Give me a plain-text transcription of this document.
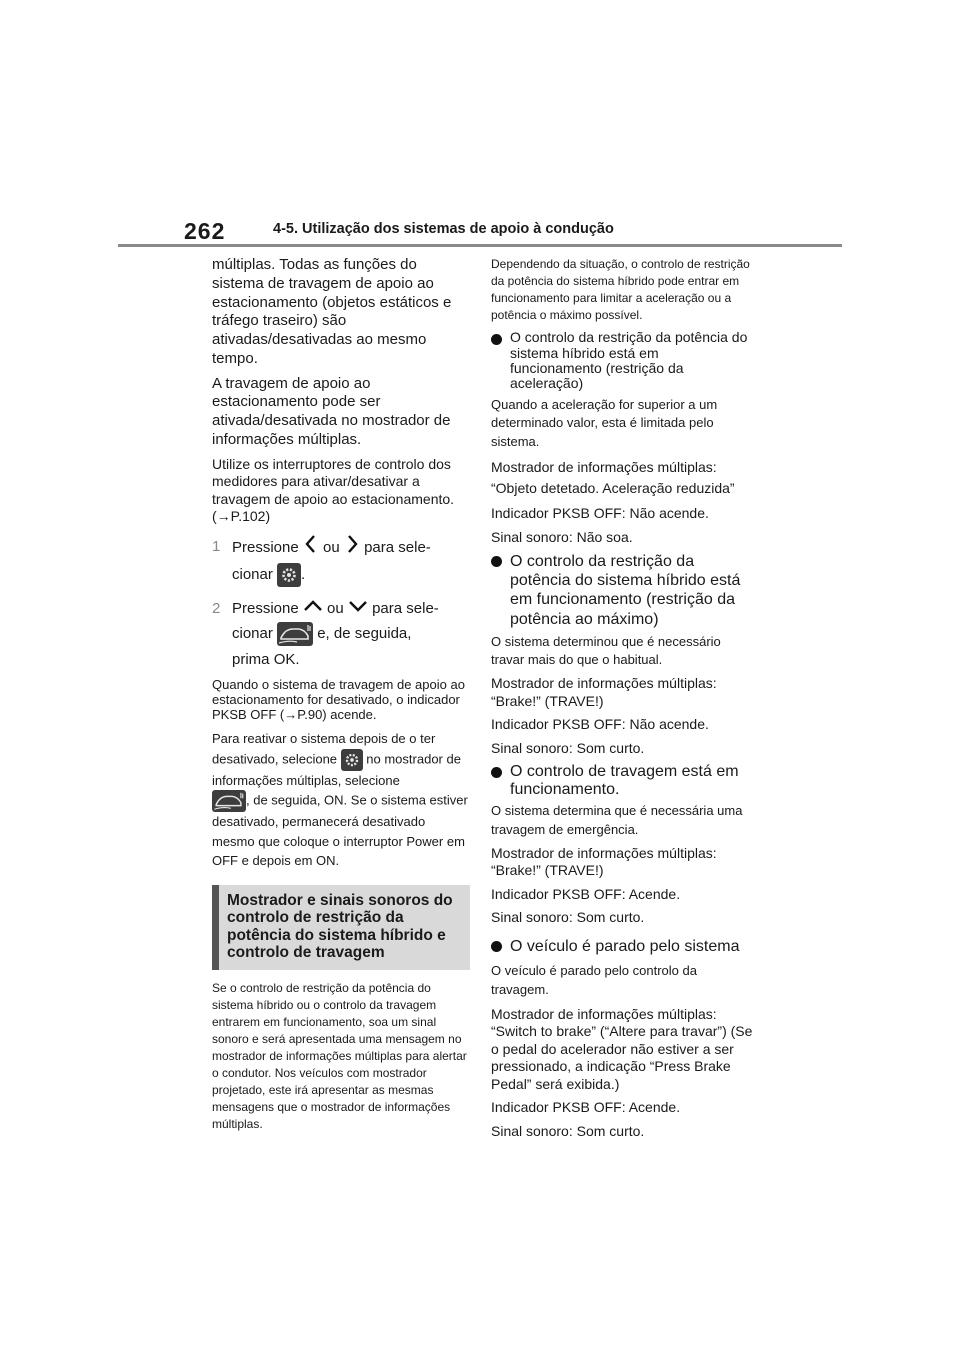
262	4-5. Utilização dos sistemas de apoio à condução

múltiplas. Todas as funções do sistema de travagem de apoio ao estacionamento (objetos estáticos e tráfego traseiro) são ativadas/desativadas ao mesmo tempo.

A travagem de apoio ao estacionamento pode ser ativada/desativada no mostrador de informações múltiplas.

Utilize os interruptores de controlo dos medidores para ativar/desativar a travagem de apoio ao estacionamento.
(→P.102)

1 Pressione ou para sele-
cionar .
2 Pressione ou para sele-
cionar	e, de seguida,
prima OK.

Quando o sistema de travagem de apoio ao estacionamento for desativado, o indicador PKSB OFF (→P.90) acende.

Para reativar o sistema depois de o ter desativado, selecione no mostrador de informações múltiplas, selecione

, de seguida, ON. Se o sistema estiver desativado, permanecerá desativado mesmo que coloque o interruptor Power em OFF e depois em ON.

Mostrador e sinais sonoros do controlo de restrição da potência do sistema híbrido e controlo de travagem

Se o controlo de restrição da potência do sistema híbrido ou o controlo da travagem entrarem em funcionamento, soa um sinal sonoro e será apresentada uma mensagem no mostrador de informações múltiplas para alertar o condutor. Nos veículos com mostrador projetado, este irá apresentar as mesmas mensagens que o mostrador de informações múltiplas.

Dependendo da situação, o controlo de restrição da potência do sistema híbrido pode entrar em funcionamento para limitar a aceleração ou a potência o máximo possível.

O controlo da restrição da potência do sistema híbrido está em funcionamento (restrição da aceleração)

Quando a aceleração for superior a um determinado valor, esta é limitada pelo sistema.

Mostrador de informações múltiplas: “Objeto detetado. Aceleração reduzida”

Indicador PKSB OFF: Não acende.

Sinal sonoro: Não soa.

O controlo da restrição da potência do sistema híbrido está em funcionamento (restrição da potência ao máximo)

O sistema determinou que é necessário travar mais do que o habitual.

Mostrador de informações múltiplas: “Brake!” (TRAVE!)

Indicador PKSB OFF: Não acende.

Sinal sonoro: Som curto.

O controlo de travagem está em funcionamento.

O sistema determina que é necessária uma travagem de emergência.

Mostrador de informações múltiplas: “Brake!” (TRAVE!)

Indicador PKSB OFF: Acende.

Sinal sonoro: Som curto.

O veículo é parado pelo sistema

O veículo é parado pelo controlo da travagem.

Mostrador de informações múltiplas: “Switch to brake” (“Altere para travar”) (Se o pedal do acelerador não estiver a ser pressionado, a indicação “Press Brake Pedal” será exibida.)

Indicador PKSB OFF: Acende.

Sinal sonoro: Som curto.
